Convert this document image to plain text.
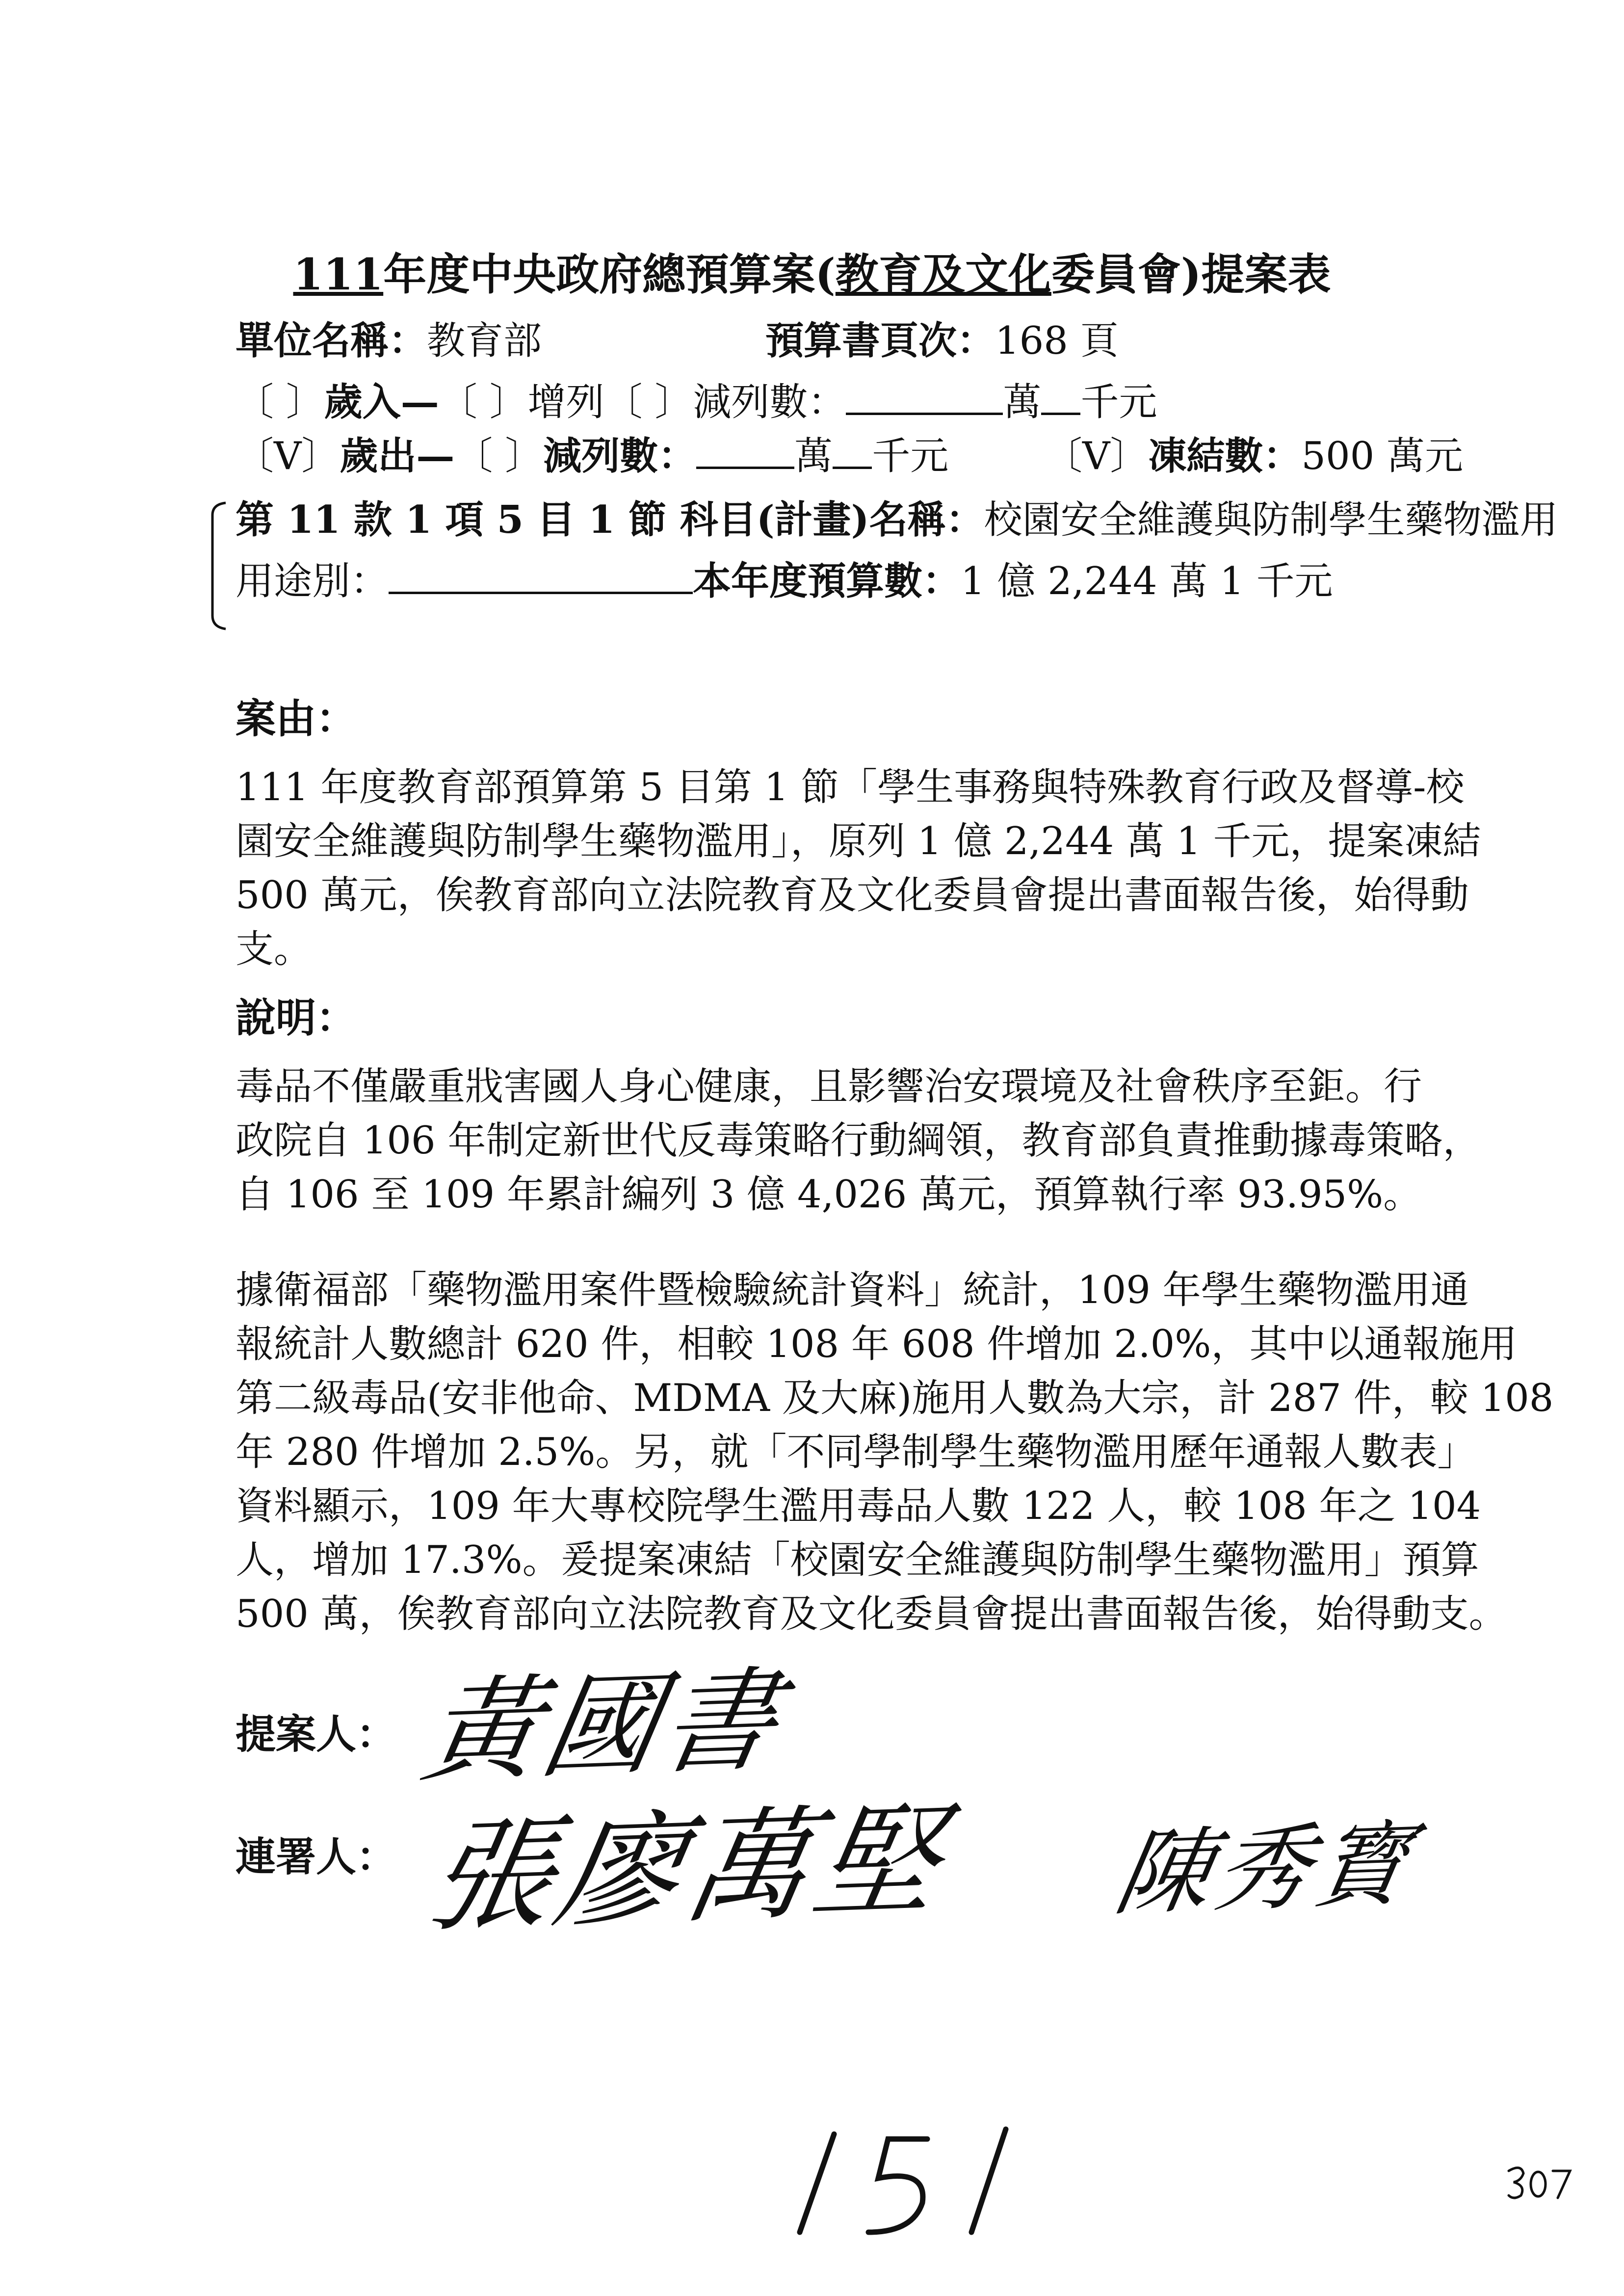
111年度中央政府總預算案(教育及文化委員會)提案表
單位名稱：教育部	預算書頁次：168 頁
〔 〕歲入—〔 〕增列〔 〕減列數：	萬 千元
〔V〕歲出—〔 〕減列數：	萬 千元 〔V〕凍結數：500 萬元
第 11 款 1 項 5 目 1 節 科目(計畫)名稱：校園安全維護與防制學生藥物濫用
用途別：	本年度預算數：1 億 2,244 萬 1 千元
案由：
111 年度教育部預算第 5 目第 1 節「學生事務與特殊教育行政及督導-校
園安全維護與防制學生藥物濫用」，原列 1 億 2,244 萬 1 千元，提案凍結
500 萬元，俟教育部向立法院教育及文化委員會提出書面報告後，始得動
支。
說明：
毒品不僅嚴重戕害國人身心健康，且影響治安環境及社會秩序至鉅。行
政院自 106 年制定新世代反毒策略行動綱領，教育部負責推動據毒策略，
自 106 至 109 年累計編列 3 億 4,026 萬元，預算執行率 93.95%。
據衛福部「藥物濫用案件暨檢驗統計資料」統計，109 年學生藥物濫用通
報統計人數總計 620 件，相較 108 年 608 件增加 2.0%，其中以通報施用
第二級毒品(安非他命、MDMA 及大麻)施用人數為大宗，計 287 件，較 108
年 280 件增加 2.5%。另，就「不同學制學生藥物濫用歷年通報人數表」
資料顯示，109 年大專校院學生濫用毒品人數 122 人，較 108 年之 104
人，增加 17.3%。爰提案凍結「校園安全維護與防制學生藥物濫用」預算
500 萬，俟教育部向立法院教育及文化委員會提出書面報告後，始得動支。
提案人： 黃國書
連署人： 張廖萬堅 陳秀寳
